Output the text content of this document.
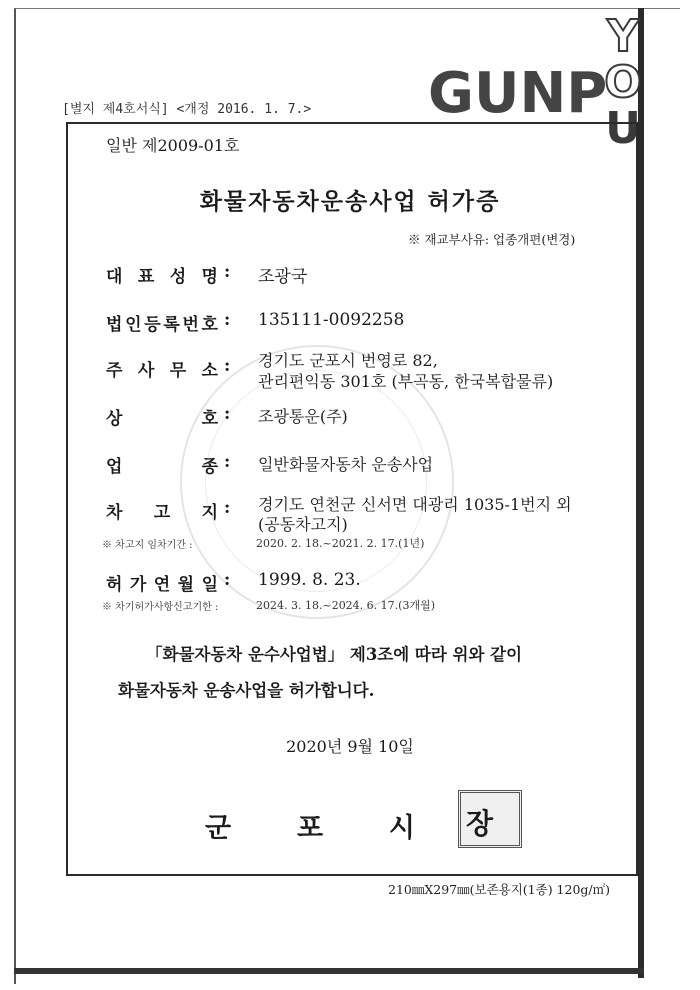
GUNP
Y
O
U
[별지 제4호서식] <개정 2016. 1. 7.>
일반 제2009-01호
화물자동차운송사업 허가증
※ 재교부사유: 업종개편(변경)
대 표 성 명 : 조광국
법 인 등 록 번 호 : 135111-0092258
주 사 무 소 : 경기도 군포시 번영로 82,
관리편익동 301호 (부곡동, 한국복합물류)
상	호 : 조광통운(주)
업	종 : 일반화물자동차 운송사업
차 고 지 : 경기도 연천군 신서면 대광리 1035-1번지 외
(공동차고지)
※ 차고지 임차기간 :	2020. 2. 18.~2021. 2. 17.(1년)
허 가 연 월 일 : 1999. 8. 23.
※ 차기허가사항신고기한 :	2024. 3. 18.~2024. 6. 17.(3개월)
「화물자동차 운수사업법」 제3조에 따라 위와 같이
화물자동차 운송사업을 허가합니다.
2020년 9월 10일
군 포 시 장
210㎜X297㎜(보존용지(1종) 120g/㎡)
